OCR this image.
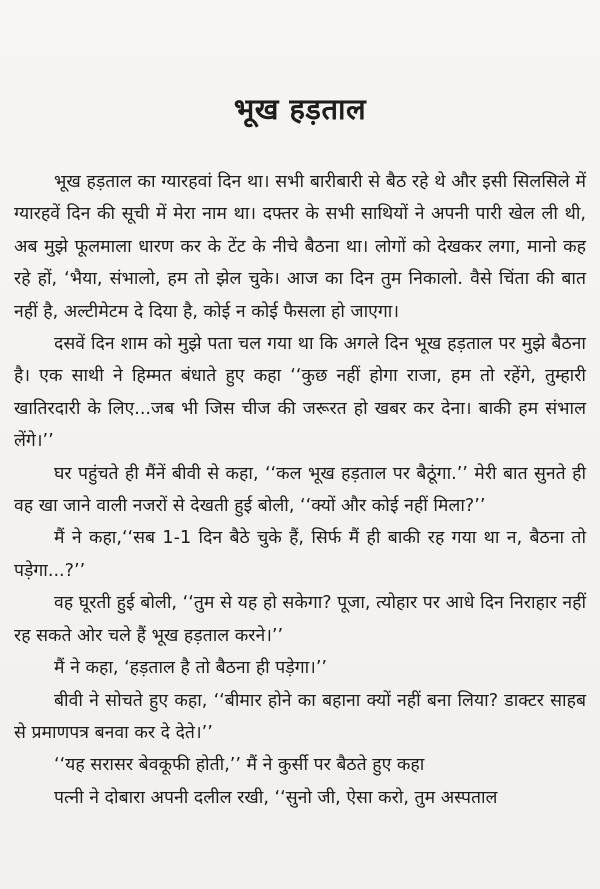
भूख हड़ताल

भूख हड़ताल का ग्यारहवां दिन था। सभी बारीबारी से बैठ रहे थे और इसी सिलसिले में ग्यारहवें दिन की सूची में मेरा नाम था। दफ्तर के सभी साथियों ने अपनी पारी खेल ली थी, अब मुझे फूलमाला धारण कर के टेंट के नीचे बैठना था। लोगों को देखकर लगा, मानो कह रहे हों, ‘भैया, संभालो, हम तो झेल चुके। आज का दिन तुम निकालो. वैसे चिंता की बात नहीं है, अल्टीमेटम दे दिया है, कोई न कोई फैसला हो जाएगा।

दसवें दिन शाम को मुझे पता चल गया था कि अगले दिन भूख हड़ताल पर मुझे बैठना है। एक साथी ने हिम्मत बंधाते हुए कहा ‘‘कुछ नहीं होगा राजा, हम तो रहेंगे, तुम्हारी खातिरदारी के लिए...जब भी जिस चीज की जरूरत हो खबर कर देना। बाकी हम संभाल लेंगे।’’

घर पहुंचते ही मैंनें बीवी से कहा, ‘‘कल भूख हड़ताल पर बैठूंगा.’’ मेरी बात सुनते ही वह खा जाने वाली नजरों से देखती हुई बोली, ‘‘क्यों और कोई नहीं मिला?’’

मैं ने कहा,‘‘सब 1-1 दिन बैठे चुके हैं, सिर्फ मैं ही बाकी रह गया था न, बैठना तो पड़ेगा...?’’

वह घूरती हुई बोली, ‘‘तुम से यह हो सकेगा? पूजा, त्योहार पर आधे दिन निराहार नहीं रह सकते ओर चले हैं भूख हड़ताल करने।’’

मैं ने कहा, ‘हड़ताल है तो बैठना ही पड़ेगा।’’

बीवी ने सोचते हुए कहा, ‘‘बीमार होने का बहाना क्यों नहीं बना लिया? डाक्टर साहब से प्रमाणपत्र बनवा कर दे देते।’’

‘‘यह सरासर बेवकूफी होती,’’ मैं ने कुर्सी पर बैठते हुए कहा

पत्नी ने दोबारा अपनी दलील रखी, ‘‘सुनो जी, ऐसा करो, तुम अस्पताल
